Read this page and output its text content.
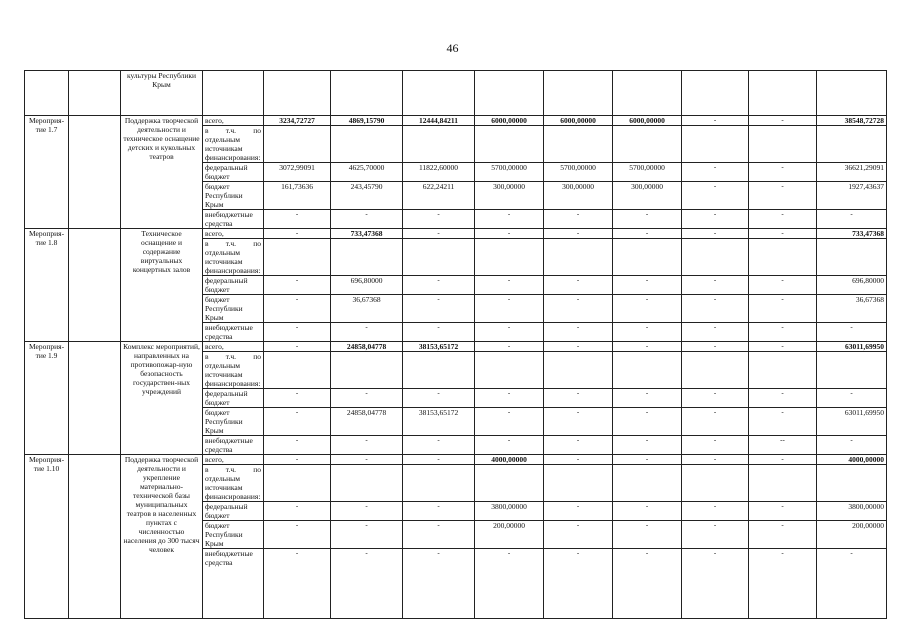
46
		культуры Республики Крым										
Мероприя-тие 1.7		Поддержка творческой деятельности и техническое оснащение детских и кукольных театров	всего,	3234,72727	4869,15790	12444,84211	6000,00000	6000,00000	6000,00000	-	-	38548,72728

			в т.ч. по
отдельным источникам финансирования:									

			федеральный бюджет	3072,99091	4625,70000	11822,60000	5700,00000	5700,00000	5700,00000	-	-	36621,29091
			бюджет Республики Крым	161,73636	243,45790	622,24211	300,00000	300,00000	300,00000	-	-	1927,43637
			внебюджетные средства	-	-	-	-	-	-	-	-	-
Мероприя-тие 1.8		Техническое оснащение и содержание виртуальных концертных залов	всего,	-	733,47368	-	-	-	-	-	-	733,47368

			в т.ч. по
отдельным источникам финансирования:									

			федеральный бюджет	-	696,80000	-	-	-	-	-	-	696,80000
			бюджет Республики Крым	-	36,67368	-	-	-	-	-	-	36,67368
			внебюджетные средства	-	-	-	-	-	-	-	-	-
Мероприя-тие 1.9		Комплекс мероприятий, направленных на противопожар-ную безопасность государствен-ных учреждений	всего,	-	24858,04778	38153,65172	-	-	-	-	-	63011,69950

			в т.ч. по
отдельным источникам финансирования:									

			федеральный бюджет	-	-	-	-	-	-	-	-	-
			бюджет Республики Крым	-	24858,04778	38153,65172	-	-	-	-	-	63011,69950
			внебюджетные средства	-	-	-	-	-	-	-	--	-
Мероприя-тие 1.10		Поддержка творческой деятельности и укрепление материально-технической базы муниципальных театров в населенных пунктах с численностью населения до 300 тысяч человек	всего,	-	-	-	4000,00000	-	-	-	-	4000,00000

			в т.ч. по
отдельным источникам финансирования:									

			федеральный бюджет	-	-	-	3800,00000	-	-	-	-	3800,00000
			бюджет Республики Крым	-	-	-	200,00000	-	-	-	-	200,00000
			внебюджетные средства	-	-	-	-	-	-	-	-	-
